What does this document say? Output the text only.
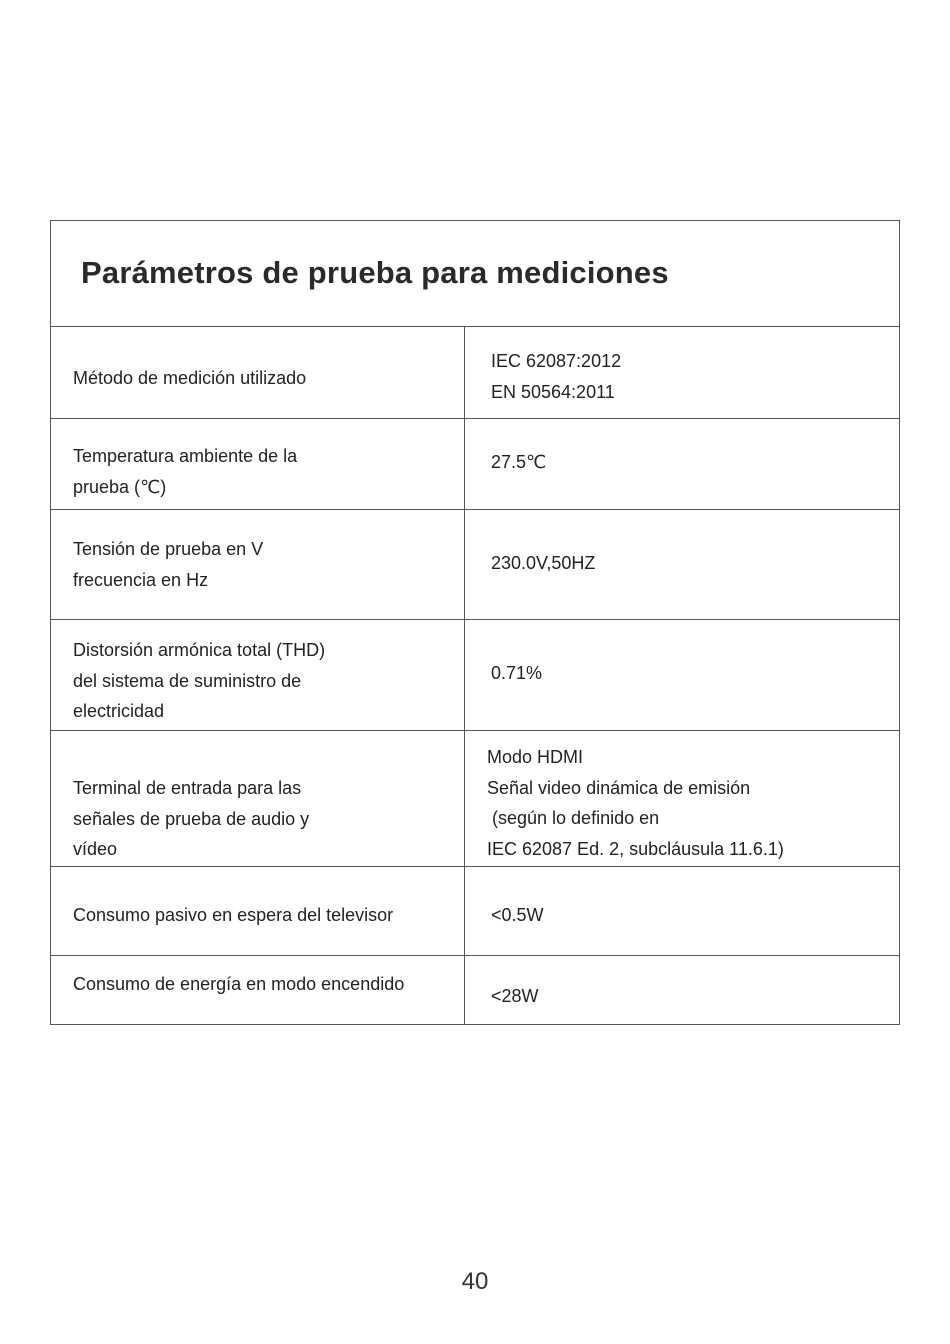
Parámetros de prueba para mediciones
Método de medición utilizado
IEC 62087:2012
EN 50564:2011
Temperatura ambiente de la
prueba (℃)
27.5℃
Tensión de prueba en V
frecuencia en Hz
230.0V,50HZ
Distorsión armónica total (THD)
del sistema de suministro de
electricidad
0.71%
Terminal de entrada para las
señales de prueba de audio y
vídeo
Modo HDMI
Señal video dinámica de emisión
(según lo definido en
IEC 62087 Ed. 2, subcláusula 11.6.1)
Consumo pasivo en espera del televisor	<0.5W
Consumo de energía en modo encendido
<28W
40
